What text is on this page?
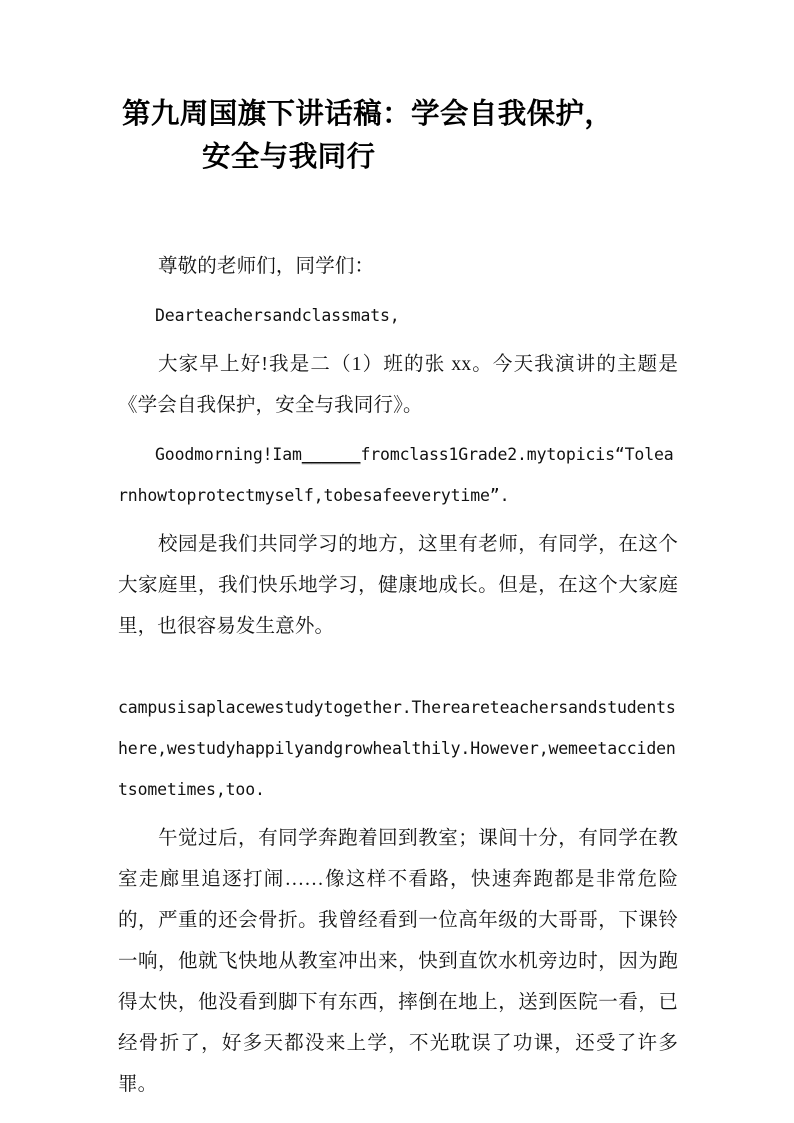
第九周国旗下讲话稿：学会自我保护，
安全与我同行

尊敬的老师们，同学们：

Dearteachersandclassmats,

大家早上好!我是二（1）班的张 xx。今天我演讲的主题是《学会自我保护，安全与我同行》。

Goodmorning!Iam______fromclass1Grade2.mytopicis“Tolearnhowtoprotectmyself,tobesafeeverytime”.

校园是我们共同学习的地方，这里有老师，有同学，在这个大家庭里，我们快乐地学习，健康地成长。但是，在这个大家庭里，也很容易发生意外。

campusisaplacewestudytogether.Thereareteachersandstudentshere,westudyhappilyandgrowhealthily.However,wemeetaccidentsometimes,too.

午觉过后，有同学奔跑着回到教室；课间十分，有同学在教室走廊里追逐打闹……像这样不看路，快速奔跑都是非常危险的，严重的还会骨折。我曾经看到一位高年级的大哥哥，下课铃一响，他就飞快地从教室冲出来，快到直饮水机旁边时，因为跑得太快，他没看到脚下有东西，摔倒在地上，送到医院一看，已经骨折了，好多天都没来上学，不光耽误了功课，还受了许多罪。
